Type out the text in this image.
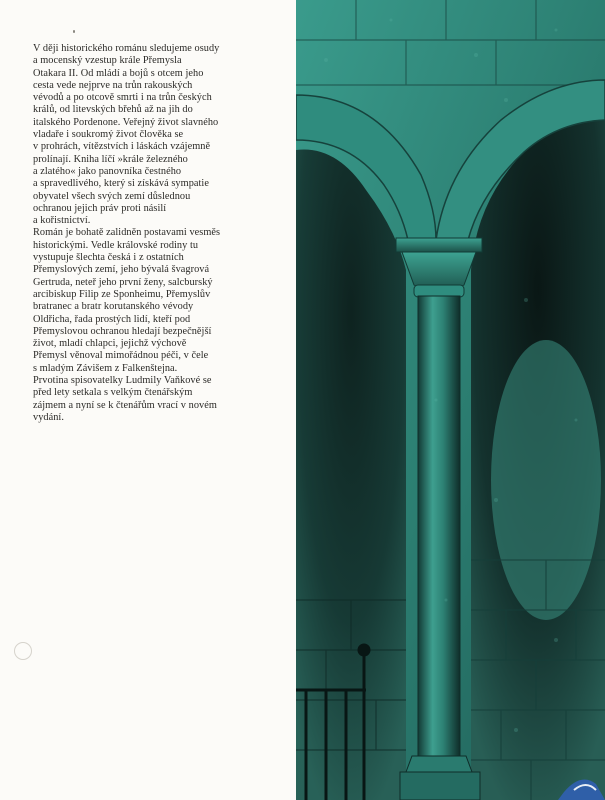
V ději historického románu sledujeme osudy
a mocenský vzestup krále Přemysla
Otakara II. Od mládí a bojů s otcem jeho
cesta vede nejprve na trůn rakouských
vévodů a po otcově smrti i na trůn českých
králů, od litevských břehů až na jih do
italského Pordenone. Veřejný život slavného
vladaře i soukromý život člověka se
v prohrách, vítězstvích i láskách vzájemně
prolínají. Kniha líčí »krále železného
a zlatého« jako panovníka čestného
a spravedlivého, který si získává sympatie
obyvatel všech svých zemí důslednou
ochranou jejich práv proti násilí
a kořistnictví.
Román je bohatě zalidněn postavami vesměs
historickými. Vedle královské rodiny tu
vystupuje šlechta česká i z ostatních
Přemyslových zemí, jeho bývalá švagrová
Gertruda, neteř jeho první ženy, salcburský
arcibiskup Filip ze Sponheimu, Přemyslův
bratranec a bratr korutanského vévody
Oldřicha, řada prostých lidí, kteří pod
Přemyslovou ochranou hledají bezpečnější
život, mladí chlapci, jejichž výchově
Přemysl věnoval mimořádnou péči, v čele
s mladým Závišem z Falkenštejna.
Prvotina spisovatelky Ludmily Vaňkové se
před lety setkala s velkým čtenářským
zájmem a nyní se k čtenářům vrací v novém
vydání.
